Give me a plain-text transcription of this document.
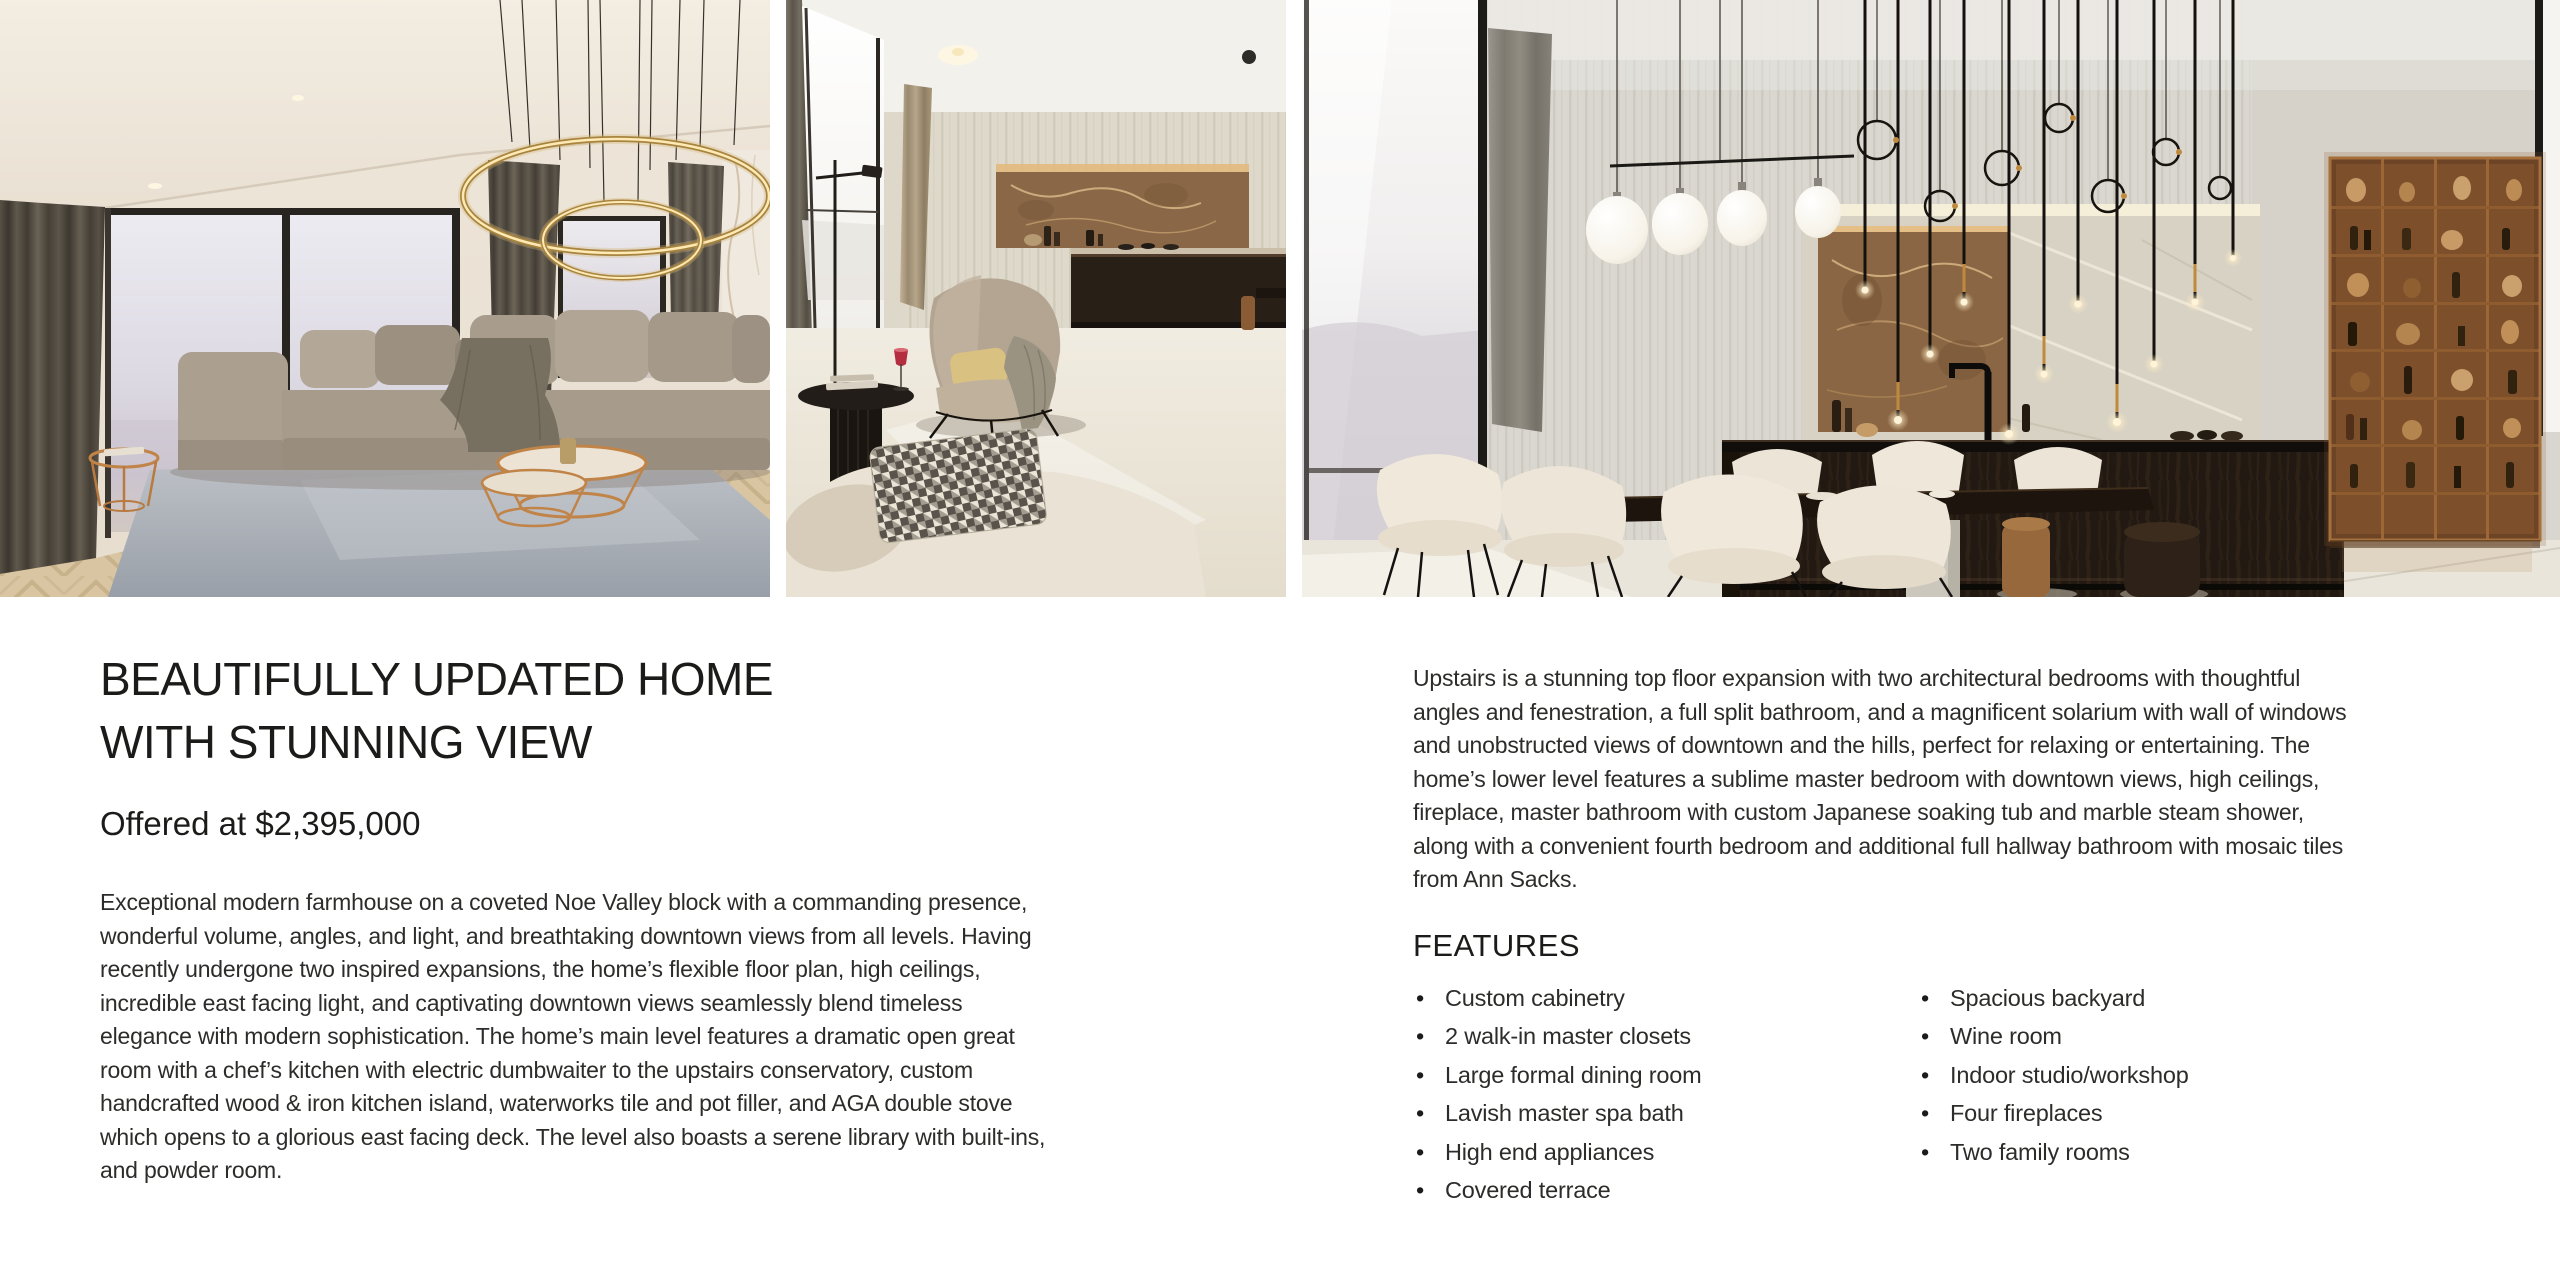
BEAUTIFULLY UPDATED HOME
WITH STUNNING VIEW
Offered at $2,395,000

Exceptional modern farmhouse on a coveted Noe Valley block with a commanding presence, wonderful volume, angles, and light, and breathtaking downtown views from all levels. Having recently undergone two inspired expansions, the home’s flexible floor plan, high ceilings, incredible east facing light, and captivating downtown views seamlessly blend timeless elegance with modern sophistication. The home’s main level features a dramatic open great room with a chef’s kitchen with electric dumbwaiter to the upstairs conservatory, custom handcrafted wood & iron kitchen island, waterworks tile and pot filler, and AGA double stove which opens to a glorious east facing deck. The level also boasts a serene library with built-ins, and powder room.

Upstairs is a stunning top floor expansion with two architectural bedrooms with thoughtful angles and fenestration, a full split bathroom, and a magnificent solarium with wall of windows and unobstructed views of downtown and the hills, perfect for relaxing or entertaining. The home’s lower level features a sublime master bedroom with downtown views, high ceilings, fireplace, master bathroom with custom Japanese soaking tub and marble steam shower, along with a convenient fourth bedroom and additional full hallway bathroom with mosaic tiles from Ann Sacks.

FEATURES
• Custom cabinetry
• 2 walk-in master closets
• Large formal dining room
• Lavish master spa bath
• High end appliances
• Covered terrace
• Spacious backyard
• Wine room
• Indoor studio/workshop
• Four fireplaces
• Two family rooms
